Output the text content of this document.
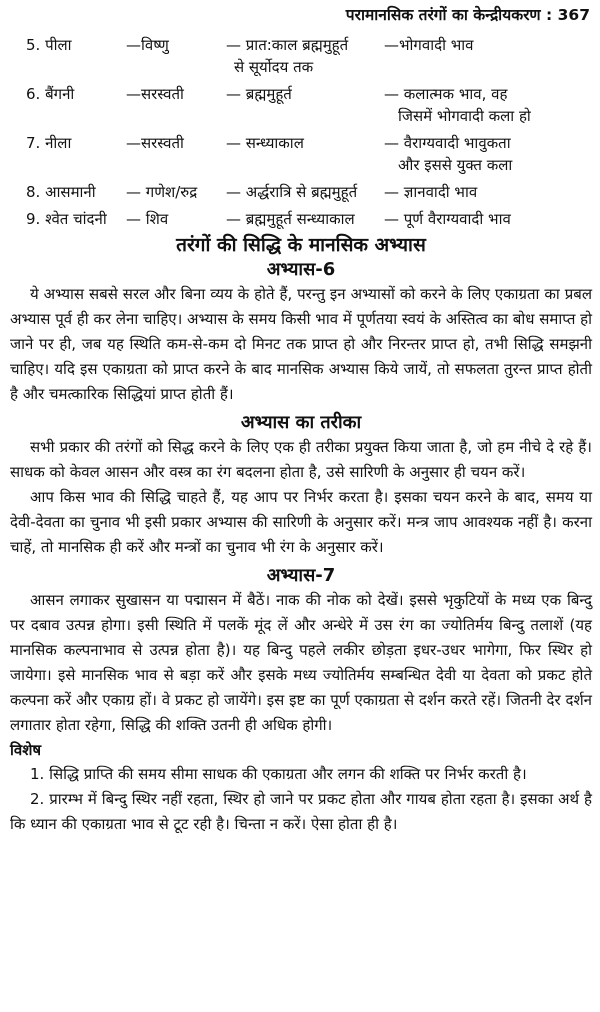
परामानसिक तरंगों का केन्द्रीयकरण : 367
5. पीला	—विष्णु	— प्रात:काल ब्रह्ममुहूर्त	—भोगवादी भाव
		से सूर्योदय तक	
6. बैंगनी	—सरस्वती	— ब्रह्ममुहूर्त	— कलात्मक भाव, वह
			जिसमें भोगवादी कला हो
7. नीला	—सरस्वती	— सन्ध्याकाल	— वैराग्यवादी भावुकता
			और इससे युक्त कला
8. आसमानी	— गणेश/रुद्र	— अर्द्धरात्रि से ब्रह्ममुहूर्त	— ज्ञानवादी भाव
9. श्वेत चांदनी	— शिव	— ब्रह्ममुहूर्त सन्ध्याकाल	— पूर्ण वैराग्यवादी भाव
तरंगों की सिद्धि के मानसिक अभ्यास
अभ्यास-6

ये अभ्यास सबसे सरल और बिना व्यय के होते हैं, परन्तु इन अभ्यासों को करने के लिए एकाग्रता का प्रबल अभ्यास पूर्व ही कर लेना चाहिए। अभ्यास के समय किसी भाव में पूर्णतया स्वयं के अस्तित्व का बोध समाप्त हो जाने पर ही, जब यह स्थिति कम-से-कम दो मिनट तक प्राप्त हो और निरन्तर प्राप्त हो, तभी सिद्धि समझनी चाहिए। यदि इस एकाग्रता को प्राप्त करने के बाद मानसिक अभ्यास किये जायें, तो सफलता तुरन्त प्राप्त होती है और चमत्कारिक सिद्धियां प्राप्त होती हैं।

अभ्यास का तरीका

सभी प्रकार की तरंगों को सिद्ध करने के लिए एक ही तरीका प्रयुक्त किया जाता है, जो हम नीचे दे रहे हैं। साधक को केवल आसन और वस्त्र का रंग बदलना होता है, उसे सारिणी के अनुसार ही चयन करें।

आप किस भाव की सिद्धि चाहते हैं, यह आप पर निर्भर करता है। इसका चयन करने के बाद, समय या देवी-देवता का चुनाव भी इसी प्रकार अभ्यास की सारिणी के अनुसार करें। मन्त्र जाप आवश्यक नहीं है। करना चाहें, तो मानसिक ही करें और मन्त्रों का चुनाव भी रंग के अनुसार करें।

अभ्यास-7

आसन लगाकर सुखासन या पद्मासन में बैठें। नाक की नोक को देखें। इससे भृकुटियों के मध्य एक बिन्दु पर दबाव उत्पन्न होगा। इसी स्थिति में पलकें मूंद लें और अन्धेरे में उस रंग का ज्योतिर्मय बिन्दु तलाशें (यह मानसिक कल्पनाभाव से उत्पन्न होता है)। यह बिन्दु पहले लकीर छोड़ता इधर-उधर भागेगा, फिर स्थिर हो जायेगा। इसे मानसिक भाव से बड़ा करें और इसके मध्य ज्योतिर्मय सम्बन्धित देवी या देवता को प्रकट होते कल्पना करें और एकाग्र हों। वे प्रकट हो जायेंगे। इस इष्ट का पूर्ण एकाग्रता से दर्शन करते रहें। जितनी देर दर्शन लगातार होता रहेगा, सिद्धि की शक्ति उतनी ही अधिक होगी।

विशेष

1. सिद्धि प्राप्ति की समय सीमा साधक की एकाग्रता और लगन की शक्ति पर निर्भर करती है।

2. प्रारम्भ में बिन्दु स्थिर नहीं रहता, स्थिर हो जाने पर प्रकट होता और गायब होता रहता है। इसका अर्थ है कि ध्यान की एकाग्रता भाव से टूट रही है। चिन्ता न करें। ऐसा होता ही है।
